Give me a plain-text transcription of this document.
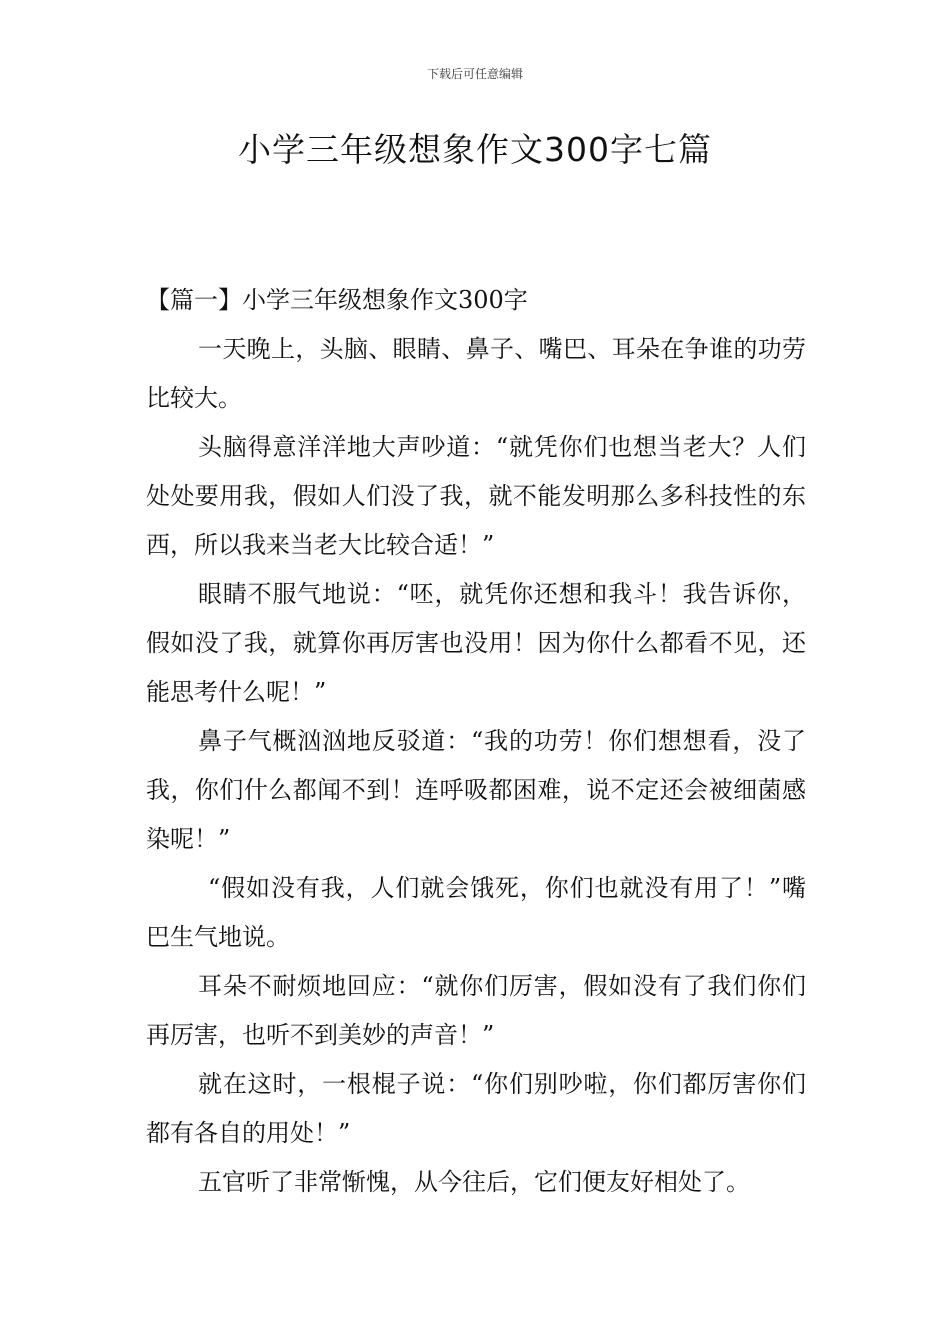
下载后可任意编辑
小学三年级想象作文300字七篇
【篇一】小学三年级想象作文300字

一天晚上，头脑、眼睛、鼻子、嘴巴、耳朵在争谁的功劳比较大。

头脑得意洋洋地大声吵道：“就凭你们也想当老大？人们处处要用我，假如人们没了我，就不能发明那么多科技性的东西，所以我来当老大比较合适！”

眼睛不服气地说：“呸，就凭你还想和我斗！我告诉你，假如没了我，就算你再厉害也没用！因为你什么都看不见，还能思考什么呢！”

鼻子气概汹汹地反驳道：“我的功劳！你们想想看，没了我，你们什么都闻不到！连呼吸都困难，说不定还会被细菌感染呢！”

“假如没有我，人们就会饿死，你们也就没有用了！”嘴巴生气地说。

耳朵不耐烦地回应：“就你们厉害，假如没有了我们你们再厉害，也听不到美妙的声音！”

就在这时，一根棍子说：“你们别吵啦，你们都厉害你们都有各自的用处！”

五官听了非常惭愧，从今往后，它们便友好相处了。
